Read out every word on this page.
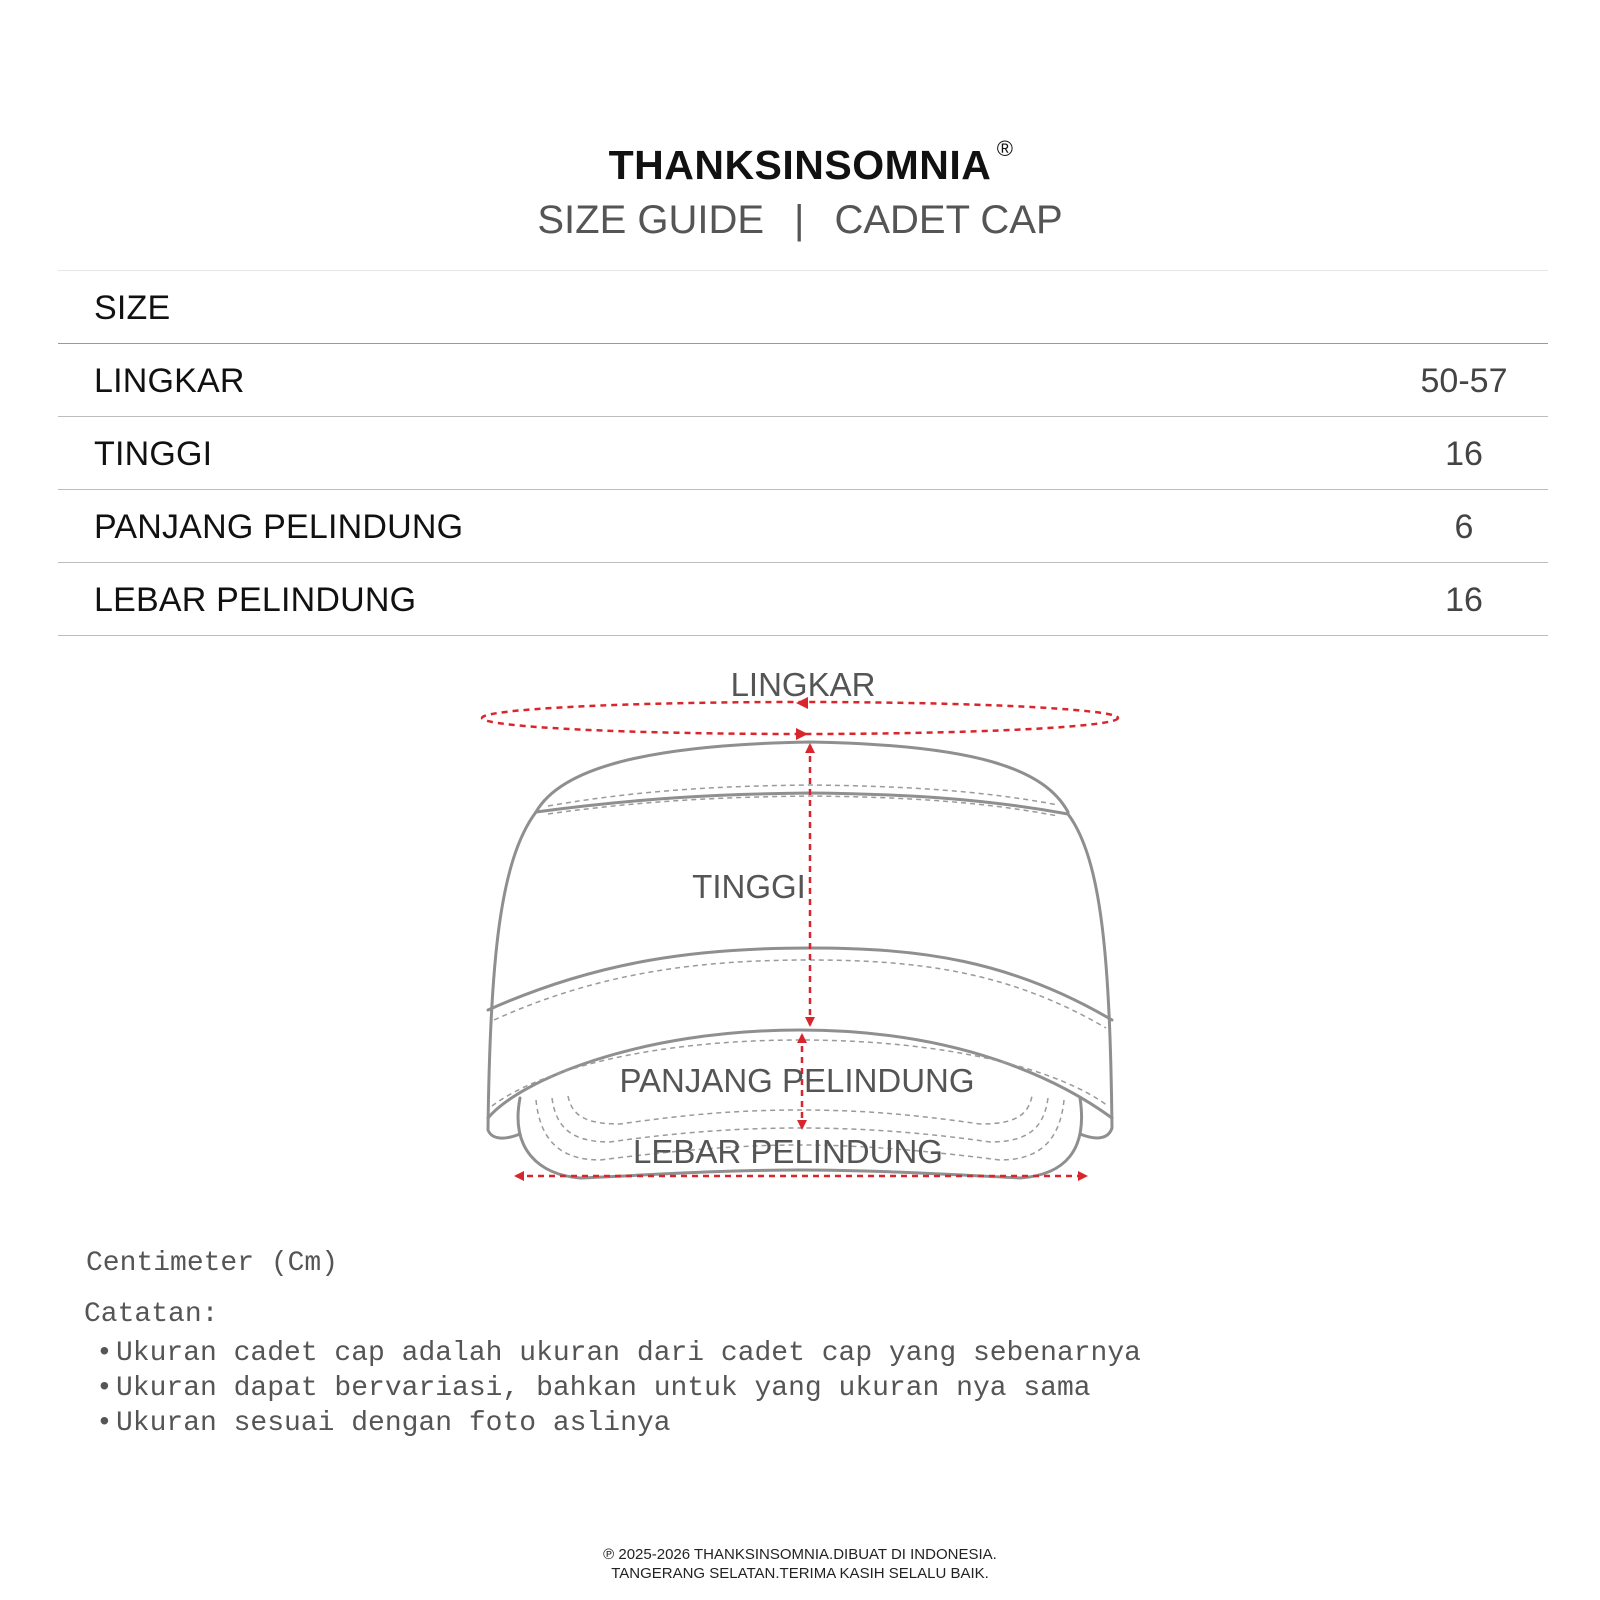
THANKSINSOMNIA ®
SIZE GUIDE | CADET CAP
SIZE
LINGKAR	50-57
TINGGI	16
PANJANG PELINDUNG	6
LEBAR PELINDUNG	16
LINGKAR
TINGGI
PANJANG PELINDUNG
LEBAR PELINDUNG
Centimeter (Cm)
Catatan:
• Ukuran cadet cap adalah ukuran dari cadet cap yang sebenarnya
• Ukuran dapat bervariasi, bahkan untuk yang ukuran nya sama
• Ukuran sesuai dengan foto aslinya
℗ 2025-2026 THANKSINSOMNIA.DIBUAT DI INDONESIA.
TANGERANG SELATAN.TERIMA KASIH SELALU BAIK.
